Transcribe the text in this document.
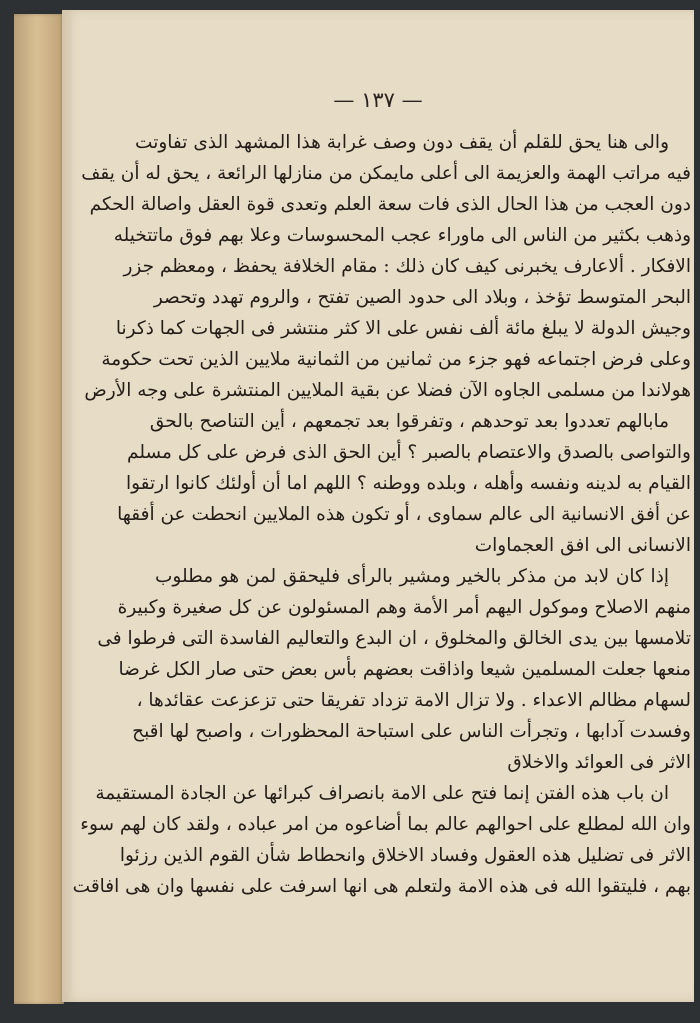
— ١٣٧ —
والى هنا يحق للقلم أن يقف دون وصف غرابة هذا المشهد الذى تفاوتت
فيه مراتب الهمة والعزيمة الى أعلى مايمكن من منازلها الرائعة ، يحق له أن يقف
دون العجب من هذا الحال الذى فات سعة العلم وتعدى قوة العقل واصالة الحكم
وذهب بكثير من الناس الى ماوراء عجب المحسوسات وعلا بهم فوق ماتتخيله
الافكار . ألاعارف يخبرنى كيف كان ذلك : مقام الخلافة يحفظ ، ومعظم جزر
البحر المتوسط تؤخذ ، وبلاد الى حدود الصين تفتح ، والروم تهدد وتحصر
وجيش الدولة لا يبلغ مائة ألف نفس على الا كثر منتشر فى الجهات كما ذكرنا
وعلى فرض اجتماعه فهو جزء من ثمانين من الثمانية ملايين الذين تحت حكومة
هولاندا من مسلمى الجاوه الآن فضلا عن بقية الملايين المنتشرة على وجه الأرض
مابالهم تعددوا بعد توحدهم ، وتفرقوا بعد تجمعهم ، أين التناصح بالحق
والتواصى بالصدق والاعتصام بالصبر ؟ أين الحق الذى فرض على كل مسلم
القيام به لدينه ونفسه وأهله ، وبلده ووطنه ؟ اللهم اما أن أولئك كانوا ارتقوا
عن أفق الانسانية الى عالم سماوى ، أو تكون هذه الملايين انحطت عن أفقها
الانسانى الى افق العجماوات
إذا كان لابد من مذكر بالخير ومشير بالرأى فليحقق لمن هو مطلوب
منهم الاصلاح وموكول اليهم أمر الأمة وهم المسئولون عن كل صغيرة وكبيرة
تلامسها بين يدى الخالق والمخلوق ، ان البدع والتعاليم الفاسدة التى فرطوا فى
منعها جعلت المسلمين شيعا واذاقت بعضهم بأس بعض حتى صار الكل غرضا
لسهام مظالم الاعداء . ولا تزال الامة تزداد تفريقا حتى تزعزعت عقائدها ،
وفسدت آدابها ، وتجرأت الناس على استباحة المحظورات ، واصبح لها اقبح
الاثر فى العوائد والاخلاق
ان باب هذه الفتن إنما فتح على الامة بانصراف كبرائها عن الجادة المستقيمة
وان الله لمطلع على احوالهم عالم بما أضاعوه من امر عباده ، ولقد كان لهم سوء
الاثر فى تضليل هذه العقول وفساد الاخلاق وانحطاط شأن القوم الذين رزئوا
بهم ، فليتقوا الله فى هذه الامة ولتعلم هى انها اسرفت على نفسها وان هى افاقت
